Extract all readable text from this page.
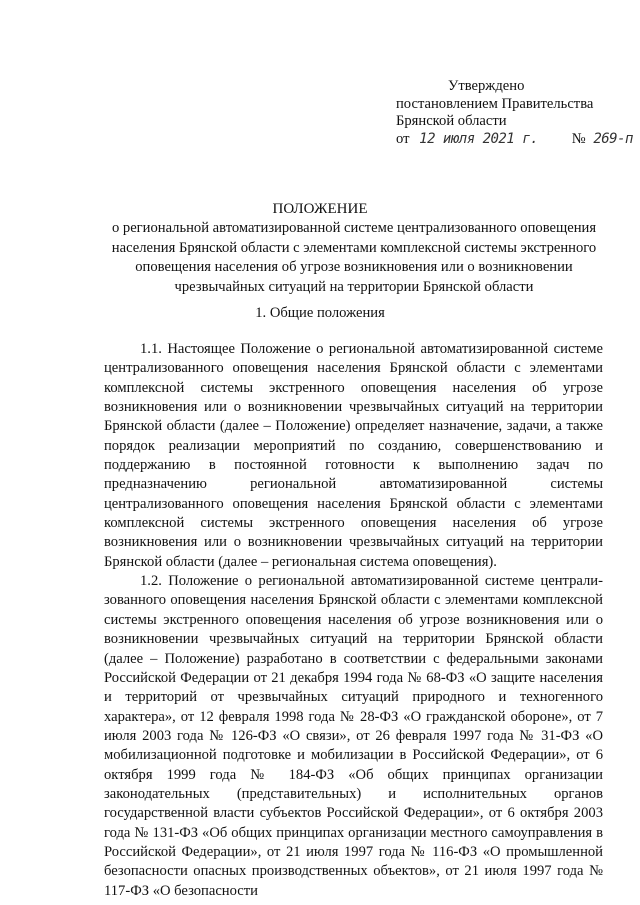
Утверждено
постановлением Правительства
Брянской области
от 12 июля 2021 г. № 269-п
ПОЛОЖЕНИЕ
о региональной автоматизированной системе централизованного оповещения населения Брянской области с элементами комплексной системы экстренного оповещения населения об угрозе возникновения или о возникновении чрезвычайных ситуаций на территории Брянской области
1. Общие положения

1.1. Настоящее Положение о региональной автоматизированной системе централизованного оповещения населения Брянской области с элементами комплексной системы экстренного оповещения населения об угрозе возникновения или о возникновении чрезвычайных ситуаций на территории Брянской области (далее – Положение) определяет назначение, задачи, а также порядок реализации мероприятий по созданию, совершенствованию и поддержанию в постоянной готовности к выполнению задач по предназначению региональной автоматизированной системы централизованного оповещения населения Брянской области с элементами комплексной системы экстренного оповещения населения об угрозе возникновения или о возникновении чрезвычайных ситуаций на территории Брянской области (далее – региональная система оповещения).

1.2. Положение о региональной автоматизированной системе централизованного оповещения населения Брянской области с элементами комплексной системы экстренного оповещения населения об угрозе возникновения или о возникновении чрезвычайных ситуаций на территории Брянской области (далее – Положение) разработано в соответствии с федеральными законами Российской Федерации от 21 декабря 1994 года № 68-ФЗ «О защите населения и территорий от чрезвычайных ситуаций природного и техногенного характера», от 12 февраля 1998 года № 28-ФЗ «О гражданской обороне», от 7 июля 2003 года № 126-ФЗ «О связи», от 26 февраля 1997 года № 31-ФЗ «О мобилизационной подготовке и мобилизации в Российской Федерации», от 6 октября 1999 года № 184-ФЗ «Об общих принципах организации законодательных (представительных) и исполнительных органов государственной власти субъектов Российской Федерации», от 6 октября 2003 года № 131-ФЗ «Об общих принципах организации местного самоуправления в Российской Федерации», от 21 июля 1997 года № 116-ФЗ «О промышленной безопасности опасных производственных объектов», от 21 июля 1997 года № 117-ФЗ «О безопасности
